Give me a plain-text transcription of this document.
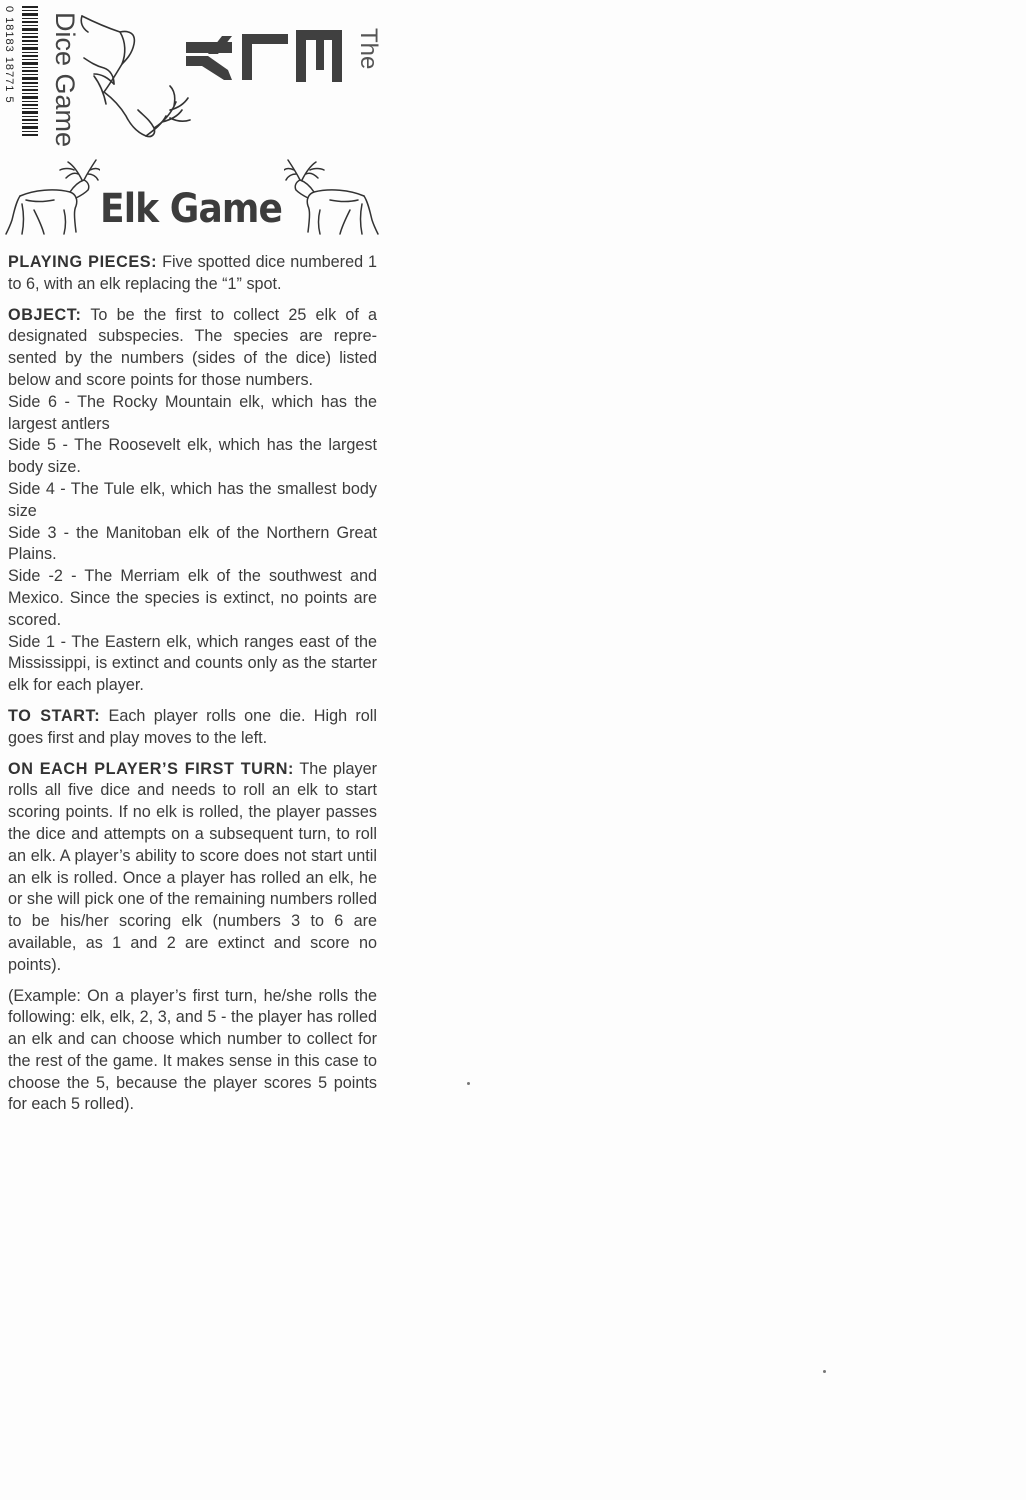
0 18183 18771 5 Dice Game	The
Elk Game

PLAYING PIECES: Five spotted dice numbered 1 to 6, with an elk replacing the “1” spot.

OBJECT: To be the first to collect 25 elk of a designated subspecies. The species are represented by the numbers (sides of the dice) listed below and score points for those numbers.

Side 6 - The Rocky Mountain elk, which has the largest antlers

Side 5 - The Roosevelt elk, which has the largest body size.

Side 4 - The Tule elk, which has the smallest body size

Side 3 - the Manitoban elk of the Northern Great Plains.

Side -2 - The Merriam elk of the southwest and Mexico. Since the species is extinct, no points are scored.

Side 1 - The Eastern elk, which ranges east of the Mississippi, is extinct and counts only as the starter elk for each player.

TO START: Each player rolls one die. High roll goes first and play moves to the left.

ON EACH PLAYER’S FIRST TURN: The player rolls all five dice and needs to roll an elk to start scoring points. If no elk is rolled, the player passes the dice and attempts on a subsequent turn, to roll an elk. A player’s ability to score does not start until an elk is rolled. Once a player has rolled an elk, he or she will pick one of the remaining numbers rolled to be his/her scoring elk (numbers 3 to 6 are available, as 1 and 2 are extinct and score no points).

(Example: On a player’s first turn, he/she rolls the following: elk, elk, 2, 3, and 5 - the player has rolled an elk and can choose which number to collect for the rest of the game. It makes sense in this case to choose the 5, because the player scores 5 points for each 5 rolled).
